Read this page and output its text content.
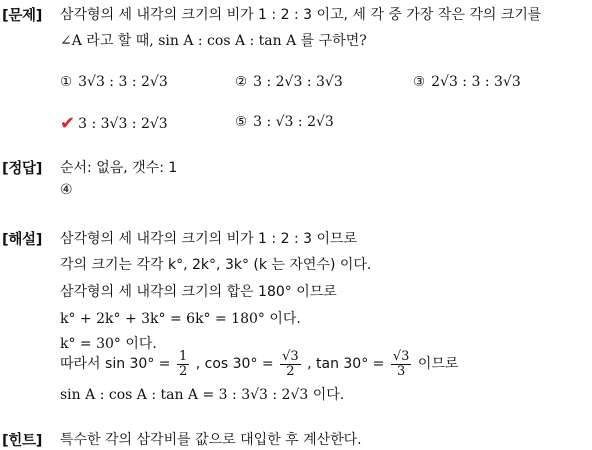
[문제] 삼각형의 세 내각의 크기의 비가 1 : 2 : 3 이고, 세 각 중 가장 작은 각의 크기를
∠A 라고 할 때, sin A : cos A : tan A 를 구하면?
① 3√3 : 3 : 2√3	② 3 : 2√3 : 3√3	③ 2√3 : 3 : 3√3
✔ 3 : 3√3 : 2√3	⑤ 3 : √3 : 2√3
[정답] 순서: 없음, 갯수: 1
④
[해설] 삼각형의 세 내각의 크기의 비가 1 : 2 : 3 이므로
각의 크기는 각각 k°, 2k°, 3k° (k 는 자연수) 이다.
삼각형의 세 내각의 크기의 합은 180° 이므로
k° + 2k° + 3k° = 6k° = 180° 이다.
k° = 30° 이다.
따라서 $\sin 30^\circ = \frac{1}{2}$ , $\cos 30^\circ = \frac{√3}{2}$ , $\tan 30^\circ = \frac{√3}{3}$ 이므로
sin A : cos A : tan A = 3 : 3√3 : 2√3 이다.
[힌트] 특수한 각의 삼각비를 값으로 대입한 후 계산한다.
